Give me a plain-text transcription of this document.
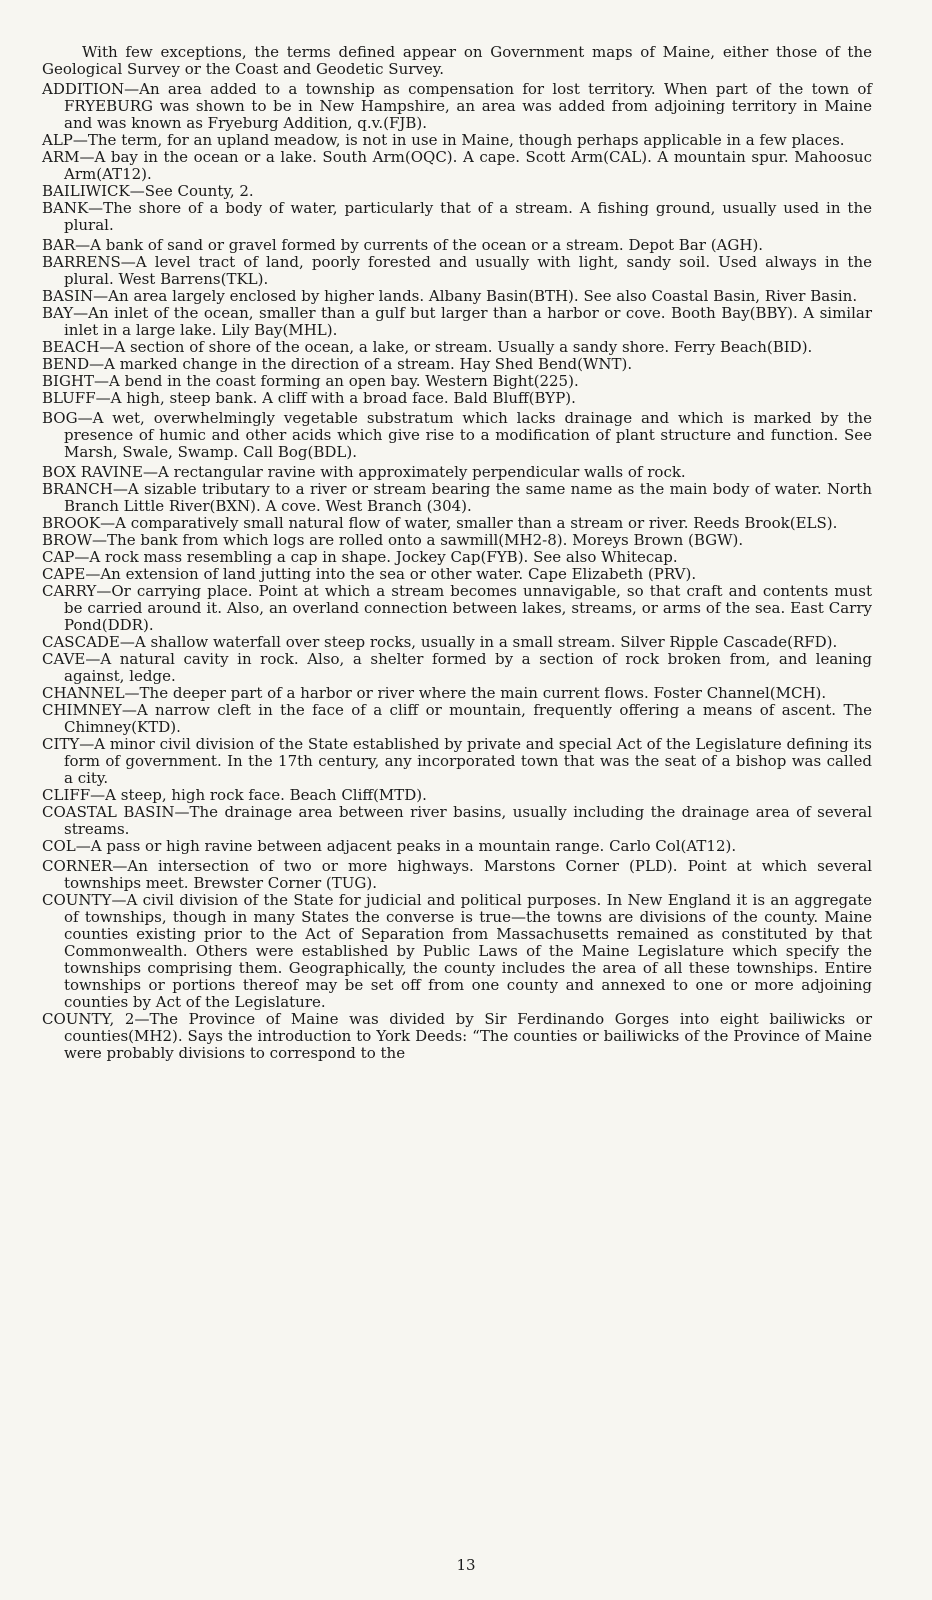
With few exceptions, the terms defined appear on Government maps of Maine, either those of the Geological Survey or the Coast and Geodetic Survey.

ADDITION—An area added to a township as compensation for lost territory. When part of the town of FRYEBURG was shown to be in New Hampshire, an area was added from adjoining territory in Maine and was known as Fryeburg Addition, q.v.(FJB).

ALP—The term, for an upland meadow, is not in use in Maine, though perhaps applicable in a few places.

ARM—A bay in the ocean or a lake. South Arm(OQC). A cape. Scott Arm(CAL). A mountain spur. Mahoosuc Arm(AT12).

BAILIWICK—See County, 2.

BANK—The shore of a body of water, particularly that of a stream. A fishing ground, usually used in the plural.

BAR—A bank of sand or gravel formed by currents of the ocean or a stream. Depot Bar (AGH).

BARRENS—A level tract of land, poorly forested and usually with light, sandy soil. Used always in the plural. West Barrens(TKL).

BASIN—An area largely enclosed by higher lands. Albany Basin(BTH). See also Coastal Basin, River Basin.

BAY—An inlet of the ocean, smaller than a gulf but larger than a harbor or cove. Booth Bay(BBY). A similar inlet in a large lake. Lily Bay(MHL).

BEACH—A section of shore of the ocean, a lake, or stream. Usually a sandy shore. Ferry Beach(BID).

BEND—A marked change in the direction of a stream. Hay Shed Bend(WNT).

BIGHT—A bend in the coast forming an open bay. Western Bight(225).

BLUFF—A high, steep bank. A cliff with a broad face. Bald Bluff(BYP).

BOG—A wet, overwhelmingly vegetable substratum which lacks drainage and which is marked by the presence of humic and other acids which give rise to a modification of plant structure and function. See Marsh, Swale, Swamp. Call Bog(BDL).

BOX RAVINE—A rectangular ravine with approximately perpendicular walls of rock.

BRANCH—A sizable tributary to a river or stream bearing the same name as the main body of water. North Branch Little River(BXN). A cove. West Branch (304).

BROOK—A comparatively small natural flow of water, smaller than a stream or river. Reeds Brook(ELS).

BROW—The bank from which logs are rolled onto a sawmill(MH2-8). Moreys Brown (BGW).

CAP—A rock mass resembling a cap in shape. Jockey Cap(FYB). See also Whitecap.

CAPE—An extension of land jutting into the sea or other water. Cape Elizabeth (PRV).

CARRY—Or carrying place. Point at which a stream becomes unnavigable, so that craft and contents must be carried around it. Also, an overland connection between lakes, streams, or arms of the sea. East Carry Pond(DDR).

CASCADE—A shallow waterfall over steep rocks, usually in a small stream. Silver Ripple Cascade(RFD).

CAVE—A natural cavity in rock. Also, a shelter formed by a section of rock broken from, and leaning against, ledge.

CHANNEL—The deeper part of a harbor or river where the main current flows. Foster Channel(MCH).

CHIMNEY—A narrow cleft in the face of a cliff or mountain, frequently offering a means of ascent. The Chimney(KTD).

CITY—A minor civil division of the State established by private and special Act of the Legislature defining its form of government. In the 17th century, any incorporated town that was the seat of a bishop was called a city.

CLIFF—A steep, high rock face. Beach Cliff(MTD).

COASTAL BASIN—The drainage area between river basins, usually including the drainage area of several streams.

COL—A pass or high ravine between adjacent peaks in a mountain range. Carlo Col(AT12).

CORNER—An intersection of two or more highways. Marstons Corner (PLD). Point at which several townships meet. Brewster Corner (TUG).

COUNTY—A civil division of the State for judicial and political purposes. In New England it is an aggregate of townships, though in many States the converse is true—the towns are divisions of the county. Maine counties existing prior to the Act of Separation from Massachusetts remained as constituted by that Commonwealth. Others were established by Public Laws of the Maine Legislature which specify the townships comprising them. Geographically, the county includes the area of all these townships. Entire townships or portions thereof may be set off from one county and annexed to one or more adjoining counties by Act of the Legislature.

COUNTY, 2—The Province of Maine was divided by Sir Ferdinando Gorges into eight bailiwicks or counties(MH2). Says the introduction to York Deeds: “The counties or bailiwicks of the Province of Maine were probably divisions to correspond to the

13
